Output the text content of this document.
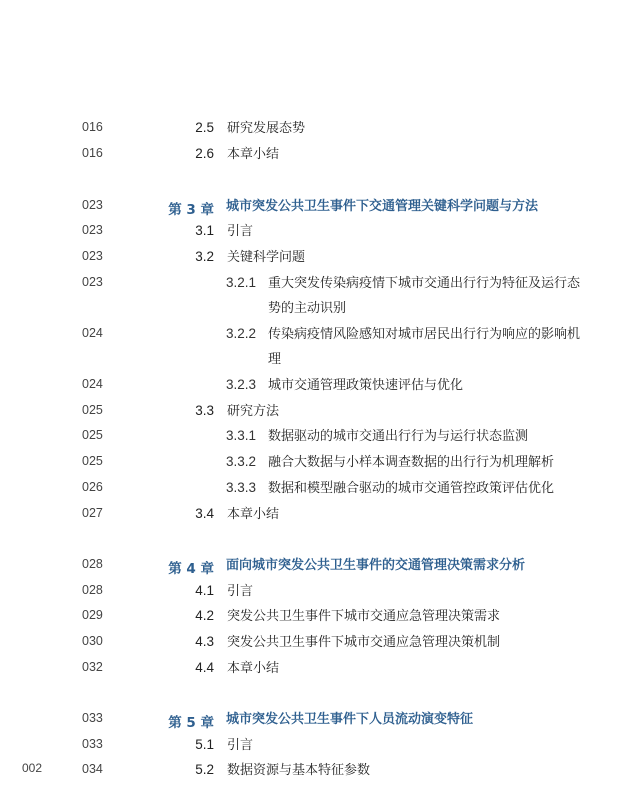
016	2.5 研究发展态势
016	2.6 本章小结
023	第 3 章 城市突发公共卫生事件下交通管理关键科学问题与方法
023	3.1 引言
023	3.2 关键科学问题
023	3.2.1 重大突发传染病疫情下城市交通出行行为特征及运行态势的主动识别
024	3.2.2 传染病疫情风险感知对城市居民出行行为响应的影响机理
024	3.2.3 城市交通管理政策快速评估与优化
025	3.3 研究方法
025	3.3.1 数据驱动的城市交通出行行为与运行状态监测
025	3.3.2 融合大数据与小样本调查数据的出行行为机理解析
026	3.3.3 数据和模型融合驱动的城市交通管控政策评估优化
027	3.4 本章小结
028	第 4 章 面向城市突发公共卫生事件的交通管理决策需求分析
028	4.1 引言
029	4.2 突发公共卫生事件下城市交通应急管理决策需求
030	4.3 突发公共卫生事件下城市交通应急管理决策机制
032	4.4 本章小结
033	第 5 章 城市突发公共卫生事件下人员流动演变特征
033	5.1 引言
034	5.2 数据资源与基本特征参数
002
